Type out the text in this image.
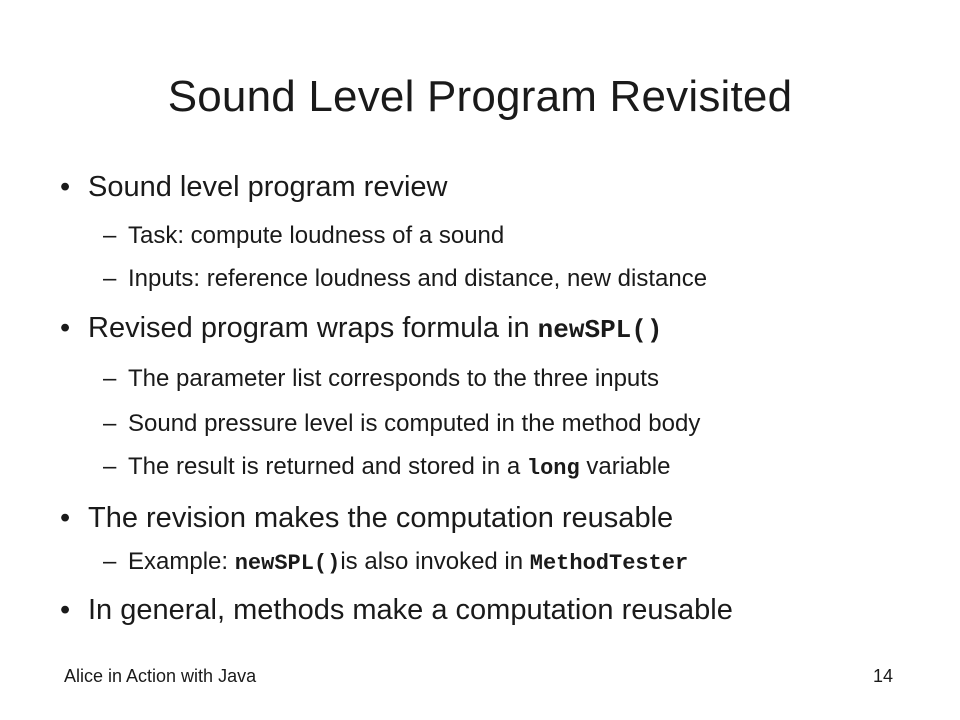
Sound Level Program Revisited
• Sound level program review
– Task: compute loudness of a sound
– Inputs: reference loudness and distance, new distance
• Revised program wraps formula in newSPL()
– The parameter list corresponds to the three inputs
– Sound pressure level is computed in the method body
– The result is returned and stored in a long variable
• The revision makes the computation reusable
– Example: newSPL()is also invoked in MethodTester
• In general, methods make a computation reusable
Alice in Action with Java	14
